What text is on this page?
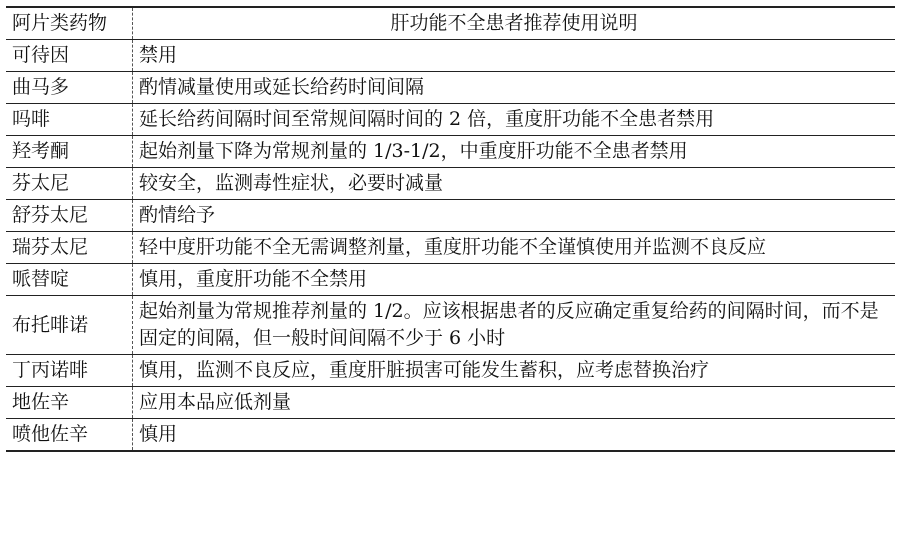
阿片类药物	肝功能不全患者推荐使用说明
可待因	禁用
曲马多	酌情减量使用或延长给药时间间隔
吗啡	延长给药间隔时间至常规间隔时间的 2 倍，重度肝功能不全患者禁用
羟考酮	起始剂量下降为常规剂量的 1/3-1/2，中重度肝功能不全患者禁用
芬太尼	较安全，监测毒性症状，必要时减量
舒芬太尼	酌情给予
瑞芬太尼	轻中度肝功能不全无需调整剂量，重度肝功能不全谨慎使用并监测不良反应
哌替啶	慎用，重度肝功能不全禁用
布托啡诺	起始剂量为常规推荐剂量的 1/2。应该根据患者的反应确定重复给药的间隔时间，而不是固定的间隔，但一般时间间隔不少于 6 小时
丁丙诺啡	慎用，监测不良反应，重度肝脏损害可能发生蓄积，应考虑替换治疗
地佐辛	应用本品应低剂量
喷他佐辛	慎用
